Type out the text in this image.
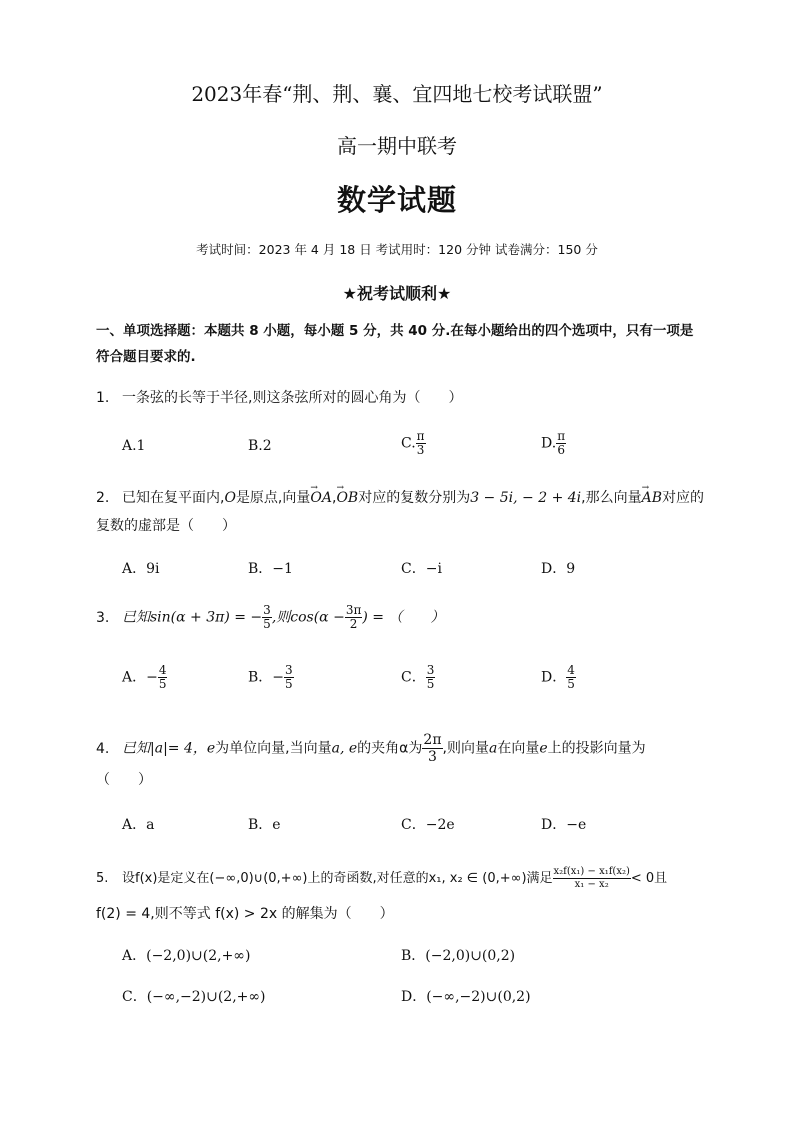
2023年春“荆、荆、襄、宜四地七校考试联盟”
高一期中联考
数学试题
考试时间：2023 年 4 月 18 日 考试用时：120 分钟 试卷满分：150 分
★祝考试顺利★
一、单项选择题：本题共 8 小题，每小题 5 分，共 40 分.在每小题给出的四个选项中，只有一项是符合题目要求的.
1. 一条弦的长等于半径,则这条弦所对的圆心角为（　　）
A.1	B.2	C. $\frac{\pi}{3}$	D. $\frac{\pi}{6}$
2. 已知在复平面内,O是原点,向量→ OA,→ OB对应的复数分别为3 − 5i, − 2 + 4i,那么向量→ AB对应的
复数的虚部是（　　）
A．9i	B．−1	C．−i	D．9
3. 已知sin(α + 3π) = − $\frac{3}{5}$ ,则$\cos(\alpha - \frac{3\pi}{2}$ ) = （　　）
A．− $\frac{4}{5}$	B．− $\frac{3}{5}$	C． $\frac{3}{5}$	D． $\frac{4}{5}$
4. 已知|a|= 4，e为单位向量,当向量a, e的夹角α为 $\frac{2\pi}{3}$ ,则向量a在向量e上的投影向量为
（　　）
A．a	B．e	C．−2e	D．−e
5. 设f(x)是定义在(−∞,0)∪(0,+∞)上的奇函数,对任意的x₁, x₂ ∈ (0,+∞)满足 $\frac{\text{x₂f(x₁) − x₁f(x₂)}}{\text{x₁ − x₂}} < 0$且
f(2) = 4,则不等式 f(x) > 2x 的解集为（　　）
A．(−2,0)∪(2,+∞)	B．(−2,0)∪(0,2)
C．(−∞,−2)∪(2,+∞)	D．(−∞,−2)∪(0,2)
